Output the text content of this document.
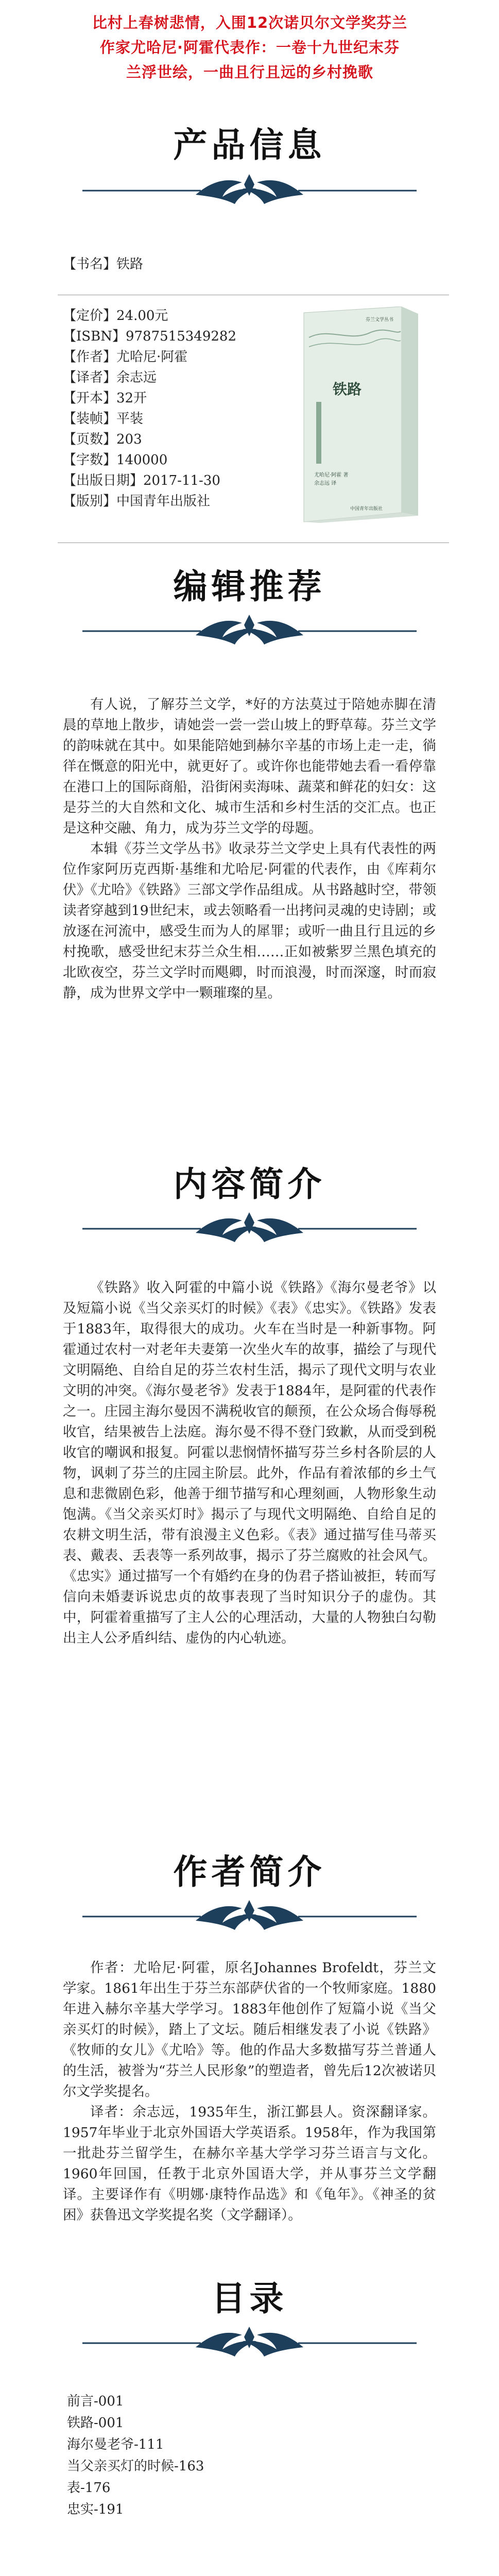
比村上春树悲情，入围12次诺贝尔文学奖芬兰
作家尤哈尼·阿霍代表作：一卷十九世纪末芬
兰浮世绘，一曲且行且远的乡村挽歌
产品信息
【书名】铁路
【定价】24.00元
【ISBN】9787515349282
【作者】尤哈尼·阿霍
【译者】余志远
【开本】32开
【装帧】平装
【页数】203
【字数】140000
【出版日期】2017-11-30
【版别】中国青年出版社
芬兰文学丛书
铁路
尤哈尼·阿霍 著
余志远 译
中国青年出版社
编辑推荐

有人说，了解芬兰文学，*好的方法莫过于陪她赤脚在清晨的草地上散步，请她尝一尝一尝山坡上的野草莓。芬兰文学的韵味就在其中。如果能陪她到赫尔辛基的市场上走一走，徜徉在慨意的阳光中，就更好了。或许你也能带她去看一看停靠在港口上的国际商船，沿街闲卖海味、蔬菜和鲜花的妇女：这是芬兰的大自然和文化、城市生活和乡村生活的交汇点。也正是这种交融、角力，成为芬兰文学的母题。

本辑《芬兰文学丛书》收录芬兰文学史上具有代表性的两位作家阿历克西斯·基维和尤哈尼·阿霍的代表作，由《库莉尔伏》《尤哈》《铁路》三部文学作品组成。从书路越时空，带领读者穿越到19世纪末，或去领略看一出拷问灵魂的史诗剧；或放逐在河流中，感受生而为人的犀罪；或听一曲且行且远的乡村挽歌，感受世纪末芬兰众生相……正如被紫罗兰黑色填充的北欧夜空，芬兰文学时而飓卿，时而浪漫，时而深邃，时而寂静，成为世界文学中一颗璀璨的星。

内容简介

《铁路》收入阿霍的中篇小说《铁路》《海尔曼老爷》以及短篇小说《当父亲买灯的时候》《表》《忠实》。《铁路》发表于1883年，取得很大的成功。火车在当时是一种新事物。阿霍通过农村一对老年夫妻第一次坐火车的故事，描绘了与现代文明隔绝、自给自足的芬兰农村生活，揭示了现代文明与农业文明的冲突。《海尔曼老爷》发表于1884年，是阿霍的代表作之一。庄园主海尔曼因不满税收官的颠预，在公众场合侮辱税收官，结果被告上法庭。海尔曼不得不登门致歉，从而受到税收官的嘲讽和报复。阿霍以悲悯情怀描写芬兰乡村各阶层的人物，讽刺了芬兰的庄园主阶层。此外，作品有着浓郁的乡土气息和悲微剧色彩，他善于细节描写和心理刻画，人物形象生动饱满。《当父亲买灯时》揭示了与现代文明隔绝、自给自足的农耕文明生活，带有浪漫主义色彩。《表》通过描写佳马蒂买表、戴表、丢表等一系列故事，揭示了芬兰腐败的社会风气。《忠实》通过描写一个有婚约在身的伪君子搭讪被拒，转而写信向未婚妻诉说忠贞的故事表现了当时知识分子的虚伪。其中，阿霍着重描写了主人公的心理活动，大量的人物独白勾勒出主人公矛盾纠结、虚伪的内心轨迹。

作者简介

作者：尤哈尼·阿霍，原名Johannes Brofeldt，芬兰文学家。1861年出生于芬兰东部萨伏省的一个牧师家庭。1880年进入赫尔辛基大学学习。1883年他创作了短篇小说《当父亲买灯的时候》，踏上了文坛。随后相继发表了小说《铁路》《牧师的女儿》《尤哈》等。他的作品大多数描写芬兰普通人的生活，被誉为“芬兰人民形象”的塑造者，曾先后12次被诺贝尔文学奖提名。

译者：余志远，1935年生，浙江鄞县人。资深翻译家。1957年毕业于北京外国语大学英语系。1958年，作为我国第一批赴芬兰留学生，在赫尔辛基大学学习芬兰语言与文化。1960年回国，任教于北京外国语大学，并从事芬兰文学翻译。主要译作有《明娜·康特作品选》和《龟年》。《神圣的贫困》获鲁迅文学奖提名奖（文学翻译）。

目录
前言-001
铁路-001
海尔曼老爷-111
当父亲买灯的时候-163
表-176
忠实-191
